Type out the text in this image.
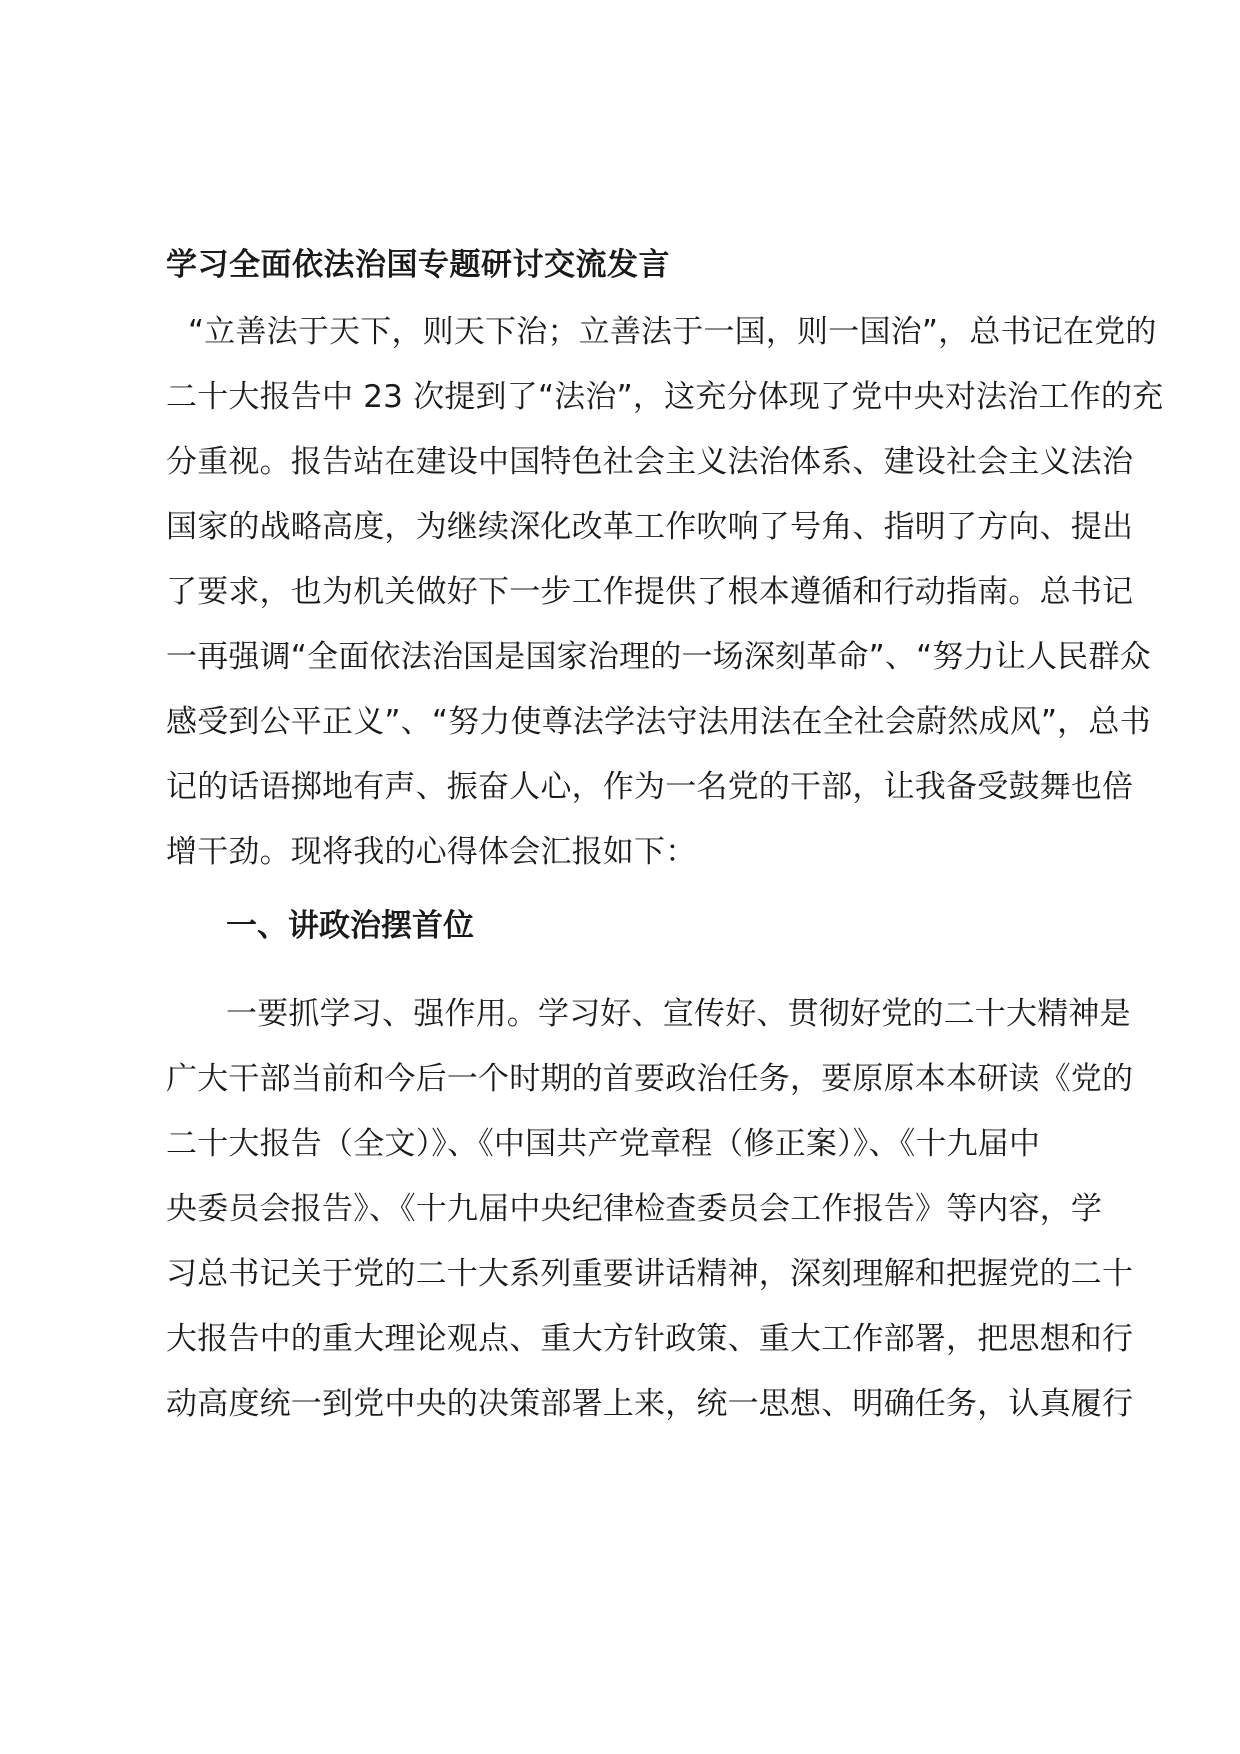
学习全面依法治国专题研讨交流发言
“立善法于天下，则天下治；立善法于一国，则一国治”，总书记在党的
二十大报告中 23 次提到了“法治”，这充分体现了党中央对法治工作的充
分重视。报告站在建设中国特色社会主义法治体系、建设社会主义法治
国家的战略高度，为继续深化改革工作吹响了号角、指明了方向、提出
了要求，也为机关做好下一步工作提供了根本遵循和行动指南。总书记
一再强调“全面依法治国是国家治理的一场深刻革命”、“努力让人民群众
感受到公平正义”、“努力使尊法学法守法用法在全社会蔚然成风”，总书
记的话语掷地有声、振奋人心，作为一名党的干部，让我备受鼓舞也倍
增干劲。现将我的心得体会汇报如下：
一、讲政治摆首位
一要抓学习、强作用。学习好、宣传好、贯彻好党的二十大精神是
广大干部当前和今后一个时期的首要政治任务，要原原本本研读《党的
二十大报告（全文）》、《中国共产党章程（修正案）》、《十九届中
央委员会报告》、《十九届中央纪律检查委员会工作报告》等内容，学
习总书记关于党的二十大系列重要讲话精神，深刻理解和把握党的二十
大报告中的重大理论观点、重大方针政策、重大工作部署，把思想和行
动高度统一到党中央的决策部署上来，统一思想、明确任务，认真履行
